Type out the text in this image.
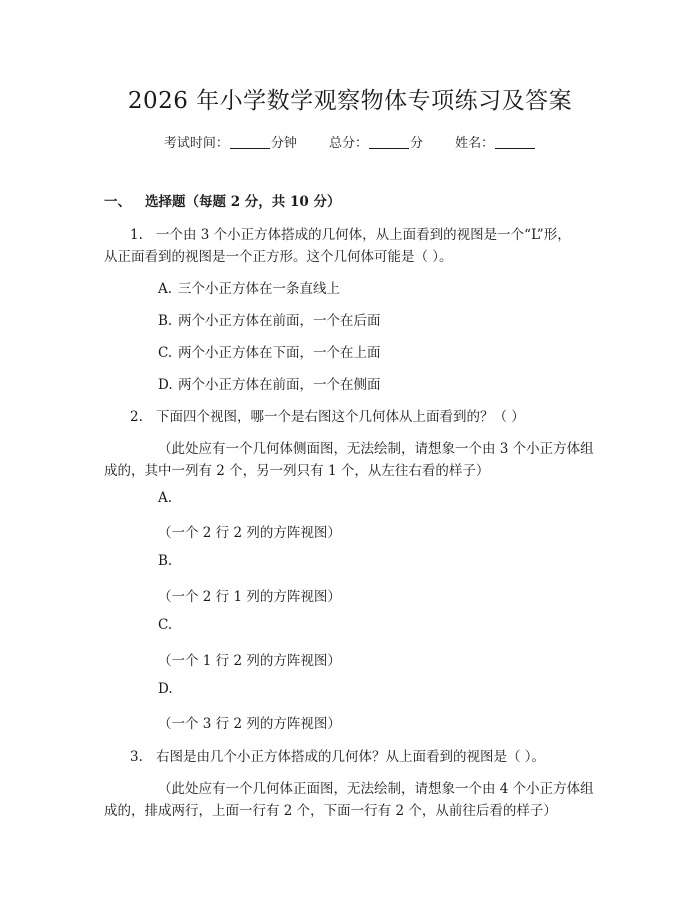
2026 年小学数学观察物体专项练习及答案
考试时间：	分钟 总分：	分 姓名：
一、 选择题（每题 2 分，共 10 分）
1. 一个由 3 个小正方体搭成的几何体，从上面看到的视图是一个“L”形，
从正面看到的视图是一个正方形。这个几何体可能是（ ）。
A. 三个小正方体在一条直线上
B. 两个小正方体在前面，一个在后面
C. 两个小正方体在下面，一个在上面
D. 两个小正方体在前面，一个在侧面
2. 下面四个视图，哪一个是右图这个几何体从上面看到的？（ ）
（此处应有一个几何体侧面图，无法绘制，请想象一个由 3 个小正方体组
成的，其中一列有 2 个，另一列只有 1 个，从左往右看的样子）
A.
（一个 2 行 2 列的方阵视图）
B.
（一个 2 行 1 列的方阵视图）
C.
（一个 1 行 2 列的方阵视图）
D.
（一个 3 行 2 列的方阵视图）
3. 右图是由几个小正方体搭成的几何体？从上面看到的视图是（ ）。
（此处应有一个几何体正面图，无法绘制，请想象一个由 4 个小正方体组
成的，排成两行，上面一行有 2 个，下面一行有 2 个，从前往后看的样子）
